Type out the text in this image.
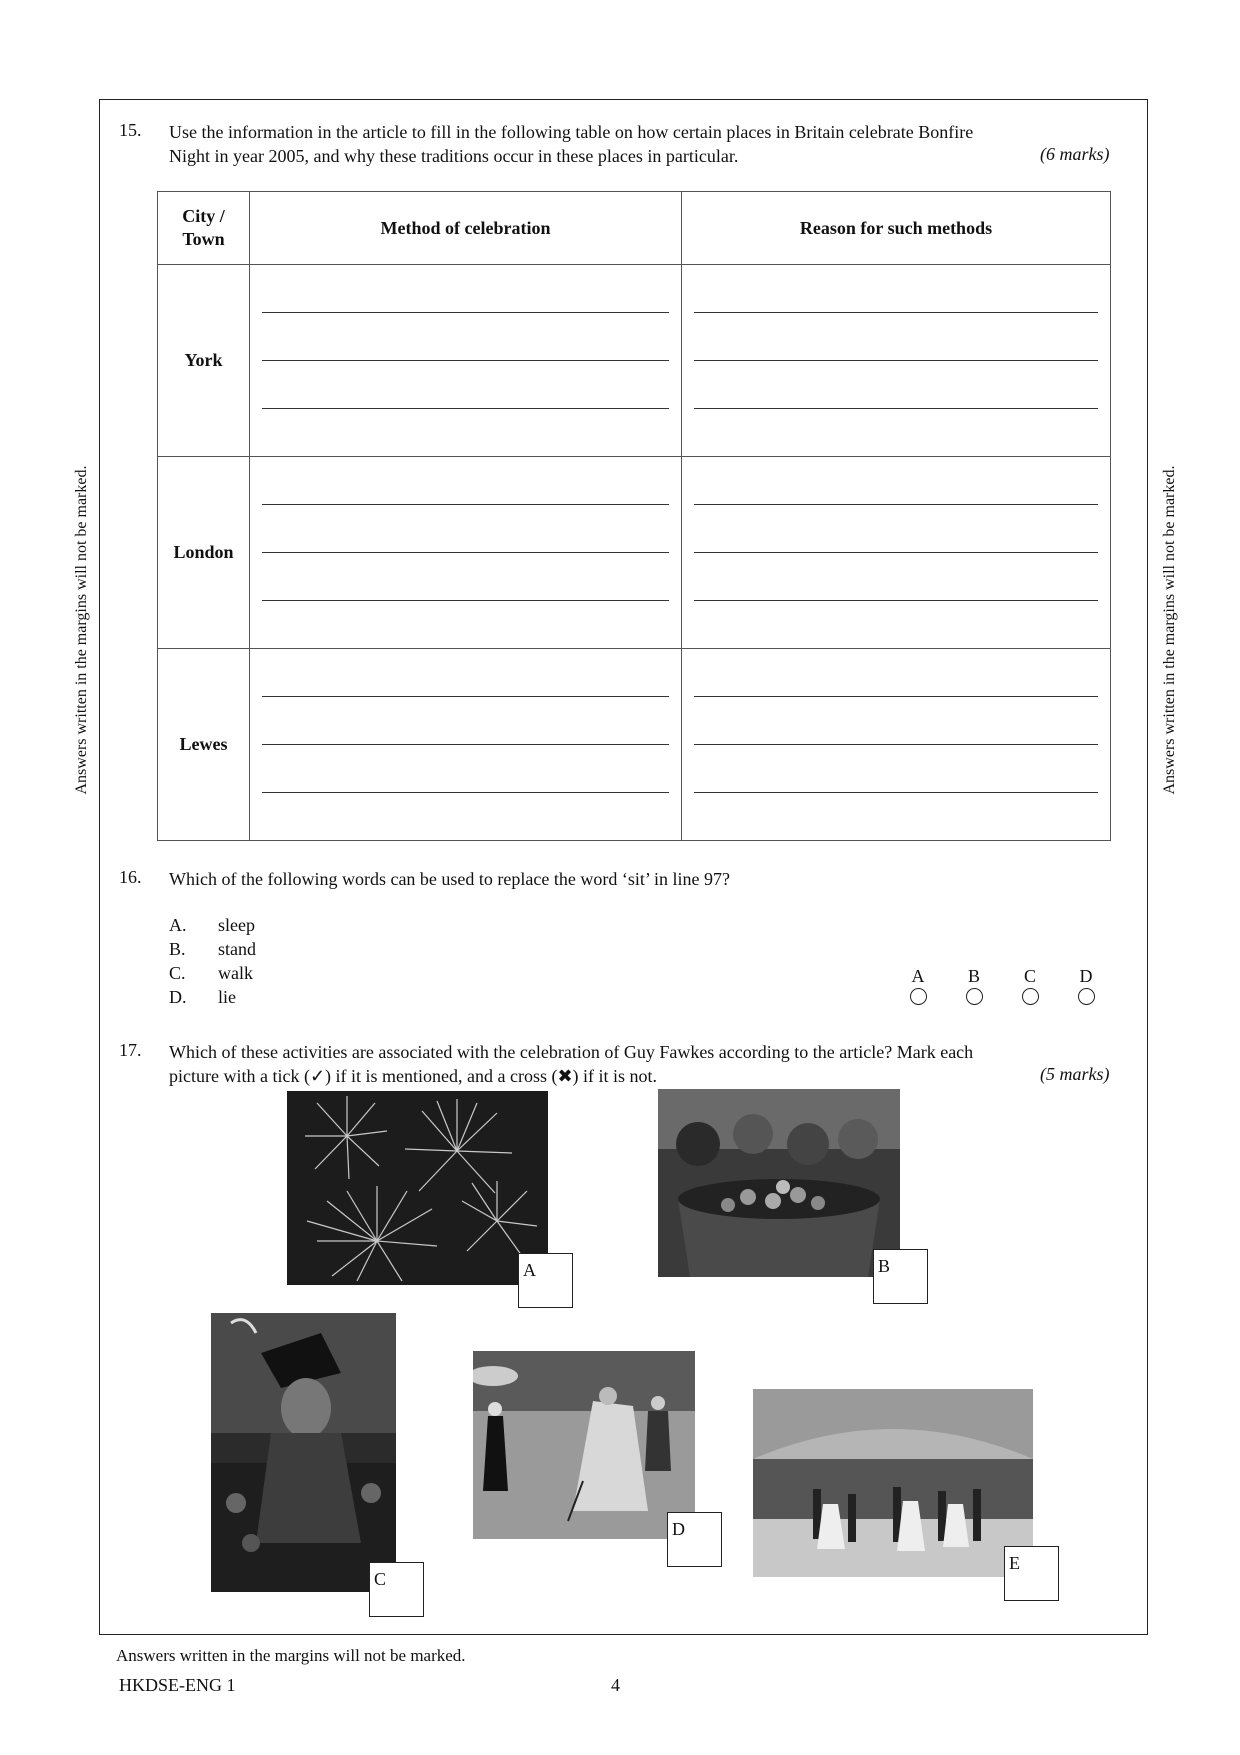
Answers written in the margins will not be marked.	Answers written in the margins will not be marked.
15. Use the information in the article to fill in the following table on how certain places in Britain celebrate Bonfire
Night in year 2005, and why these traditions occur in these places in particular.	(6 marks)
City /
Town	Method of celebration	Reason for such methods
York	

London	

Lewes	

16. Which of the following words can be used to replace the word ‘sit’ in line 97?
A. sleep
B. stand
C. walk
D. lie
A B C D
17. Which of these activities are associated with the celebration of Guy Fawkes according to the article? Mark each
picture with a tick (✓) if it is mentioned, and a cross (✖) if it is not.	(5 marks)
A	B
C
D
E
Answers written in the margins will not be marked.
HKDSE-ENG 1	4
